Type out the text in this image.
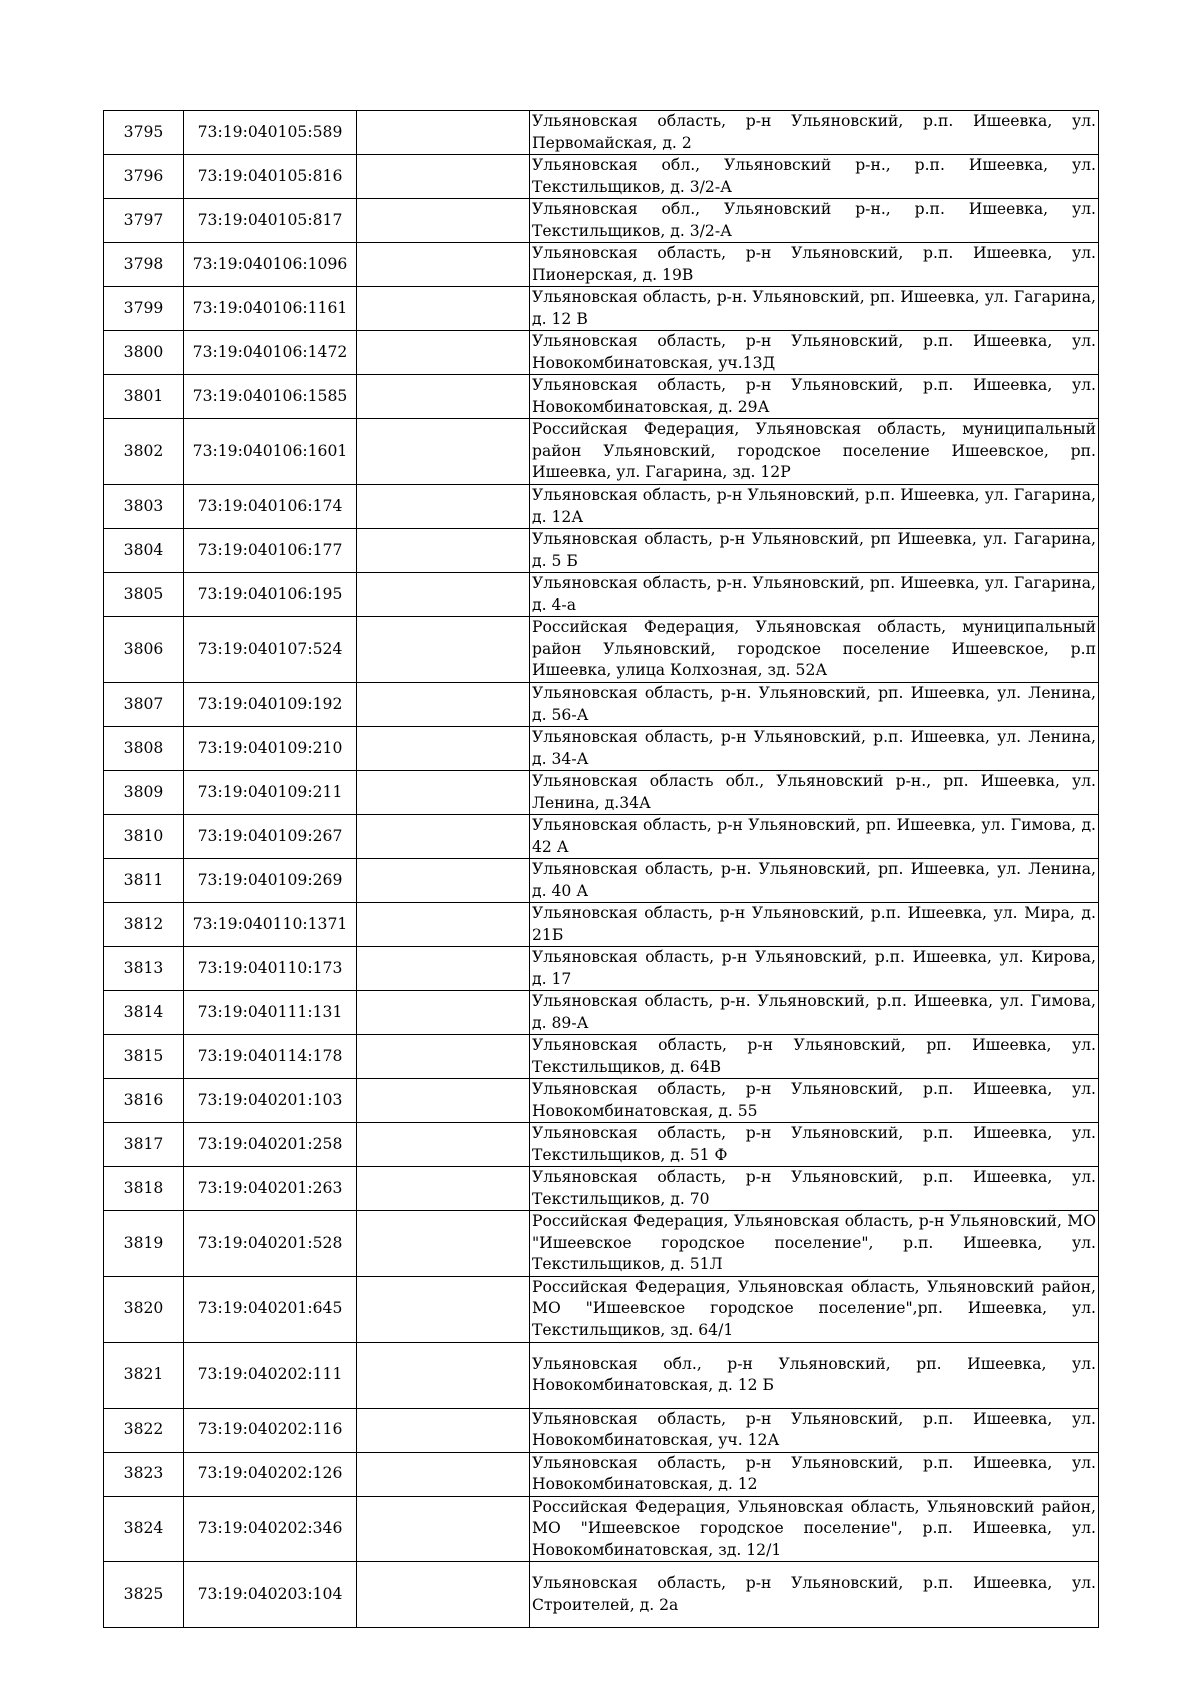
3795	73:19:040105:589		Ульяновская область, р-н Ульяновский, р.п. Ишеевка, ул. Первомайская, д. 2
3796	73:19:040105:816		Ульяновская обл., Ульяновский р-н., р.п. Ишеевка, ул. Текстильщиков, д. 3/2-А
3797	73:19:040105:817		Ульяновская обл., Ульяновский р-н., р.п. Ишеевка, ул. Текстильщиков, д. 3/2-А
3798	73:19:040106:1096		Ульяновская область, р-н Ульяновский, р.п. Ишеевка, ул. Пионерская, д. 19В
3799	73:19:040106:1161		Ульяновская область, р-н. Ульяновский, рп. Ишеевка, ул. Гагарина, д. 12 В
3800	73:19:040106:1472		Ульяновская область, р-н Ульяновский, р.п. Ишеевка, ул. Новокомбинатовская, уч.13Д
3801	73:19:040106:1585		Ульяновская область, р-н Ульяновский, р.п. Ишеевка, ул. Новокомбинатовская, д. 29А
3802	73:19:040106:1601		Российская Федерация, Ульяновская область, муниципальный район Ульяновский, городское поселение Ишеевское, рп. Ишеевка, ул. Гагарина, зд. 12Р
3803	73:19:040106:174		Ульяновская область, р-н Ульяновский, р.п. Ишеевка, ул. Гагарина, д. 12А
3804	73:19:040106:177		Ульяновская область, р-н Ульяновский, рп Ишеевка, ул. Гагарина, д. 5 Б
3805	73:19:040106:195		Ульяновская область, р-н. Ульяновский, рп. Ишеевка, ул. Гагарина, д. 4-а
3806	73:19:040107:524		Российская Федерация, Ульяновская область, муниципальный район Ульяновский, городское поселение Ишеевское, р.п Ишеевка, улица Колхозная, зд. 52А
3807	73:19:040109:192		Ульяновская область, р-н. Ульяновский, рп. Ишеевка, ул. Ленина, д. 56-А
3808	73:19:040109:210		Ульяновская область, р-н Ульяновский, р.п. Ишеевка, ул. Ленина, д. 34-А
3809	73:19:040109:211		Ульяновская область обл., Ульяновский р-н., рп. Ишеевка, ул. Ленина, д.34А
3810	73:19:040109:267		Ульяновская область, р-н Ульяновский, рп. Ишеевка, ул. Гимова, д. 42 А
3811	73:19:040109:269		Ульяновская область, р-н. Ульяновский, рп. Ишеевка, ул. Ленина, д. 40 А
3812	73:19:040110:1371		Ульяновская область, р-н Ульяновский, р.п. Ишеевка, ул. Мира, д. 21Б
3813	73:19:040110:173		Ульяновская область, р-н Ульяновский, р.п. Ишеевка, ул. Кирова, д. 17
3814	73:19:040111:131		Ульяновская область, р-н. Ульяновский, р.п. Ишеевка, ул. Гимова, д. 89-А
3815	73:19:040114:178		Ульяновская область, р-н Ульяновский, рп. Ишеевка, ул. Текстильщиков, д. 64В
3816	73:19:040201:103		Ульяновская область, р-н Ульяновский, р.п. Ишеевка, ул. Новокомбинатовская, д. 55
3817	73:19:040201:258		Ульяновская область, р-н Ульяновский, р.п. Ишеевка, ул. Текстильщиков, д. 51 Ф
3818	73:19:040201:263		Ульяновская область, р-н Ульяновский, р.п. Ишеевка, ул. Текстильщиков, д. 70
3819	73:19:040201:528		Российская Федерация, Ульяновская область, р-н Ульяновский, МО "Ишеевское городское поселение", р.п. Ишеевка, ул. Текстильщиков, д. 51Л
3820	73:19:040201:645		Российская Федерация, Ульяновская область, Ульяновский район, МО "Ишеевское городское поселение",рп. Ишеевка, ул. Текстильщиков, зд. 64/1
3821	73:19:040202:111		Ульяновская обл., р-н Ульяновский, рп. Ишеевка, ул. Новокомбинатовская, д. 12 Б
3822	73:19:040202:116		Ульяновская область, р-н Ульяновский, р.п. Ишеевка, ул. Новокомбинатовская, уч. 12А
3823	73:19:040202:126		Ульяновская область, р-н Ульяновский, р.п. Ишеевка, ул. Новокомбинатовская, д. 12
3824	73:19:040202:346		Российская Федерация, Ульяновская область, Ульяновский район, МО "Ишеевское городское поселение", р.п. Ишеевка, ул. Новокомбинатовская, зд. 12/1
3825	73:19:040203:104		Ульяновская область, р-н Ульяновский, р.п. Ишеевка, ул. Строителей, д. 2а
